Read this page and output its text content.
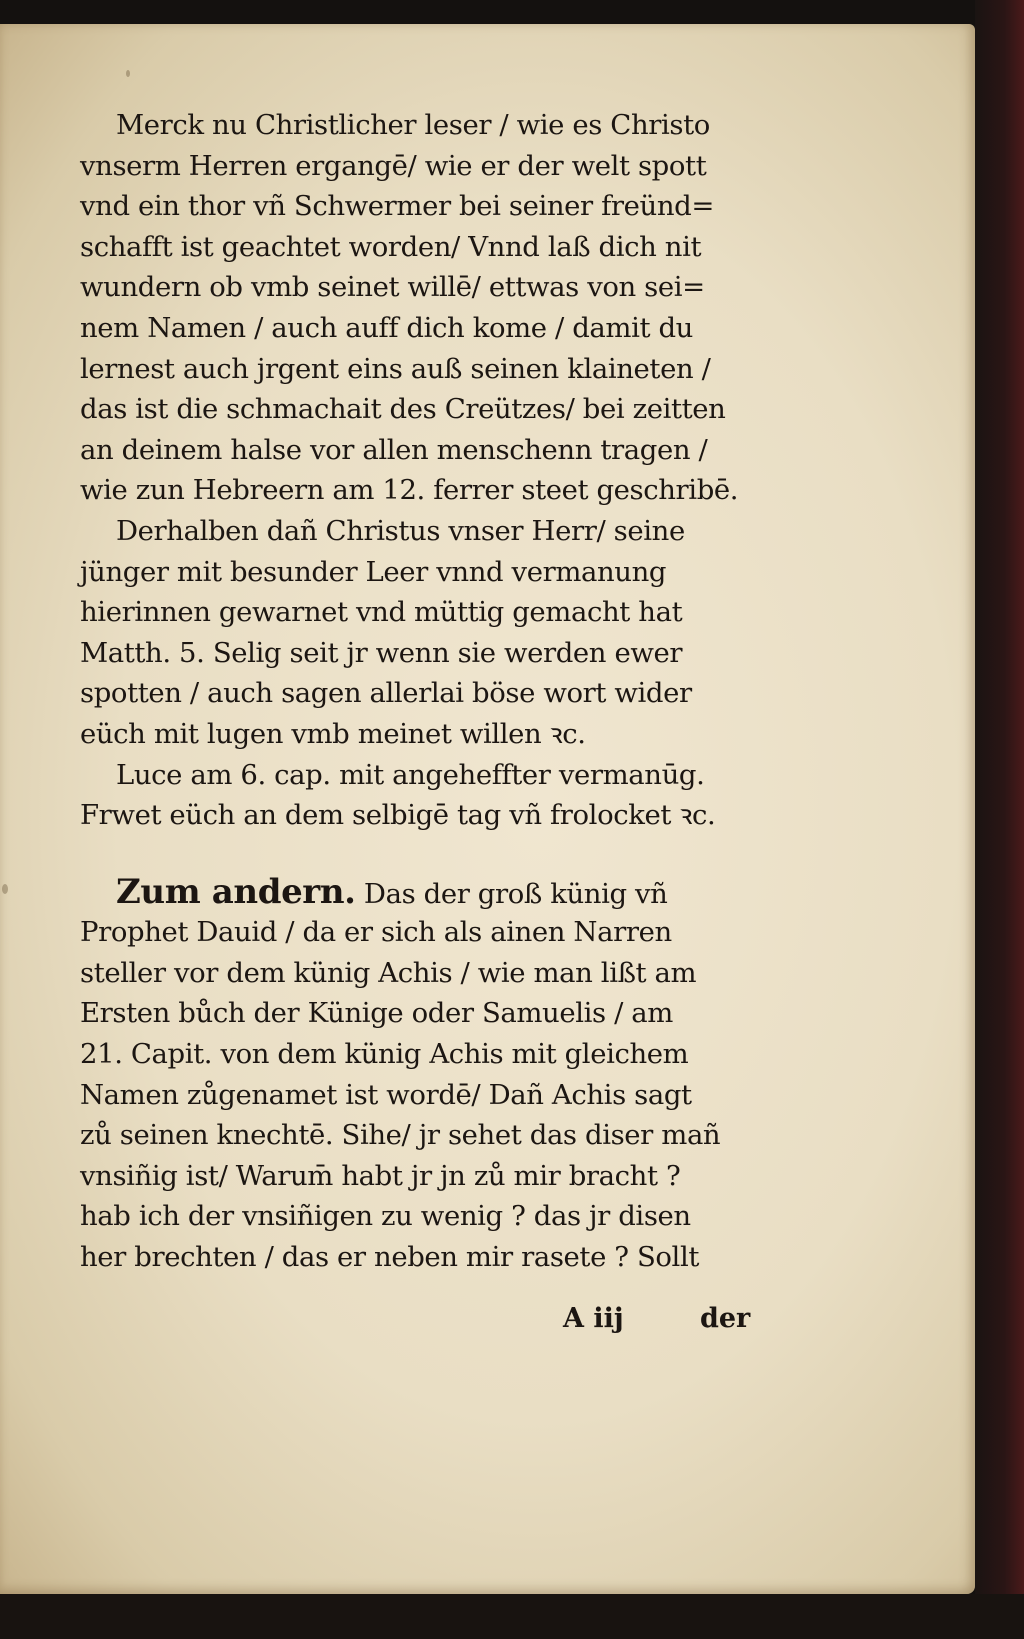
Merck nu Christlicher leser / wie es Christo
vnserm Herren ergangē/ wie er der welt spott
vnd ein thor vñ Schwermer bei seiner freünd=
schafft ist geachtet worden/ Vnnd laß dich nit
wundern ob vmb seinet willē/ ettwas von sei=
nem Namen / auch auff dich kome / damit du
lernest auch jrgent eins auß seinen klaineten /
das ist die schmachait des Creützes/ bei zeitten
an deinem halse vor allen menschenn tragen /
wie zun Hebreern am 12. ferrer steet geschribē.
Derhalben dañ Christus vnser Herr/ seine
jünger mit besunder Leer vnnd vermanung
hierinnen gewarnet vnd müttig gemacht hat
Matth. 5. Selig seit jr wenn sie werden ewer
spotten / auch sagen allerlai böse wort wider
eüch mit lugen vmb meinet willen ꝛc.
Luce am 6. cap. mit angeheffter vermanūg.
Frwet eüch an dem selbigē tag vñ frolocket ꝛc.
Zum andern. Das der groß künig vñ
Prophet Dauid / da er sich als ainen Narren
steller vor dem künig Achis / wie man lißt am
Ersten bůch der Künige oder Samuelis / am
21. Capit. von dem künig Achis mit gleichem
Namen zůgenamet ist wordē/ Dañ Achis sagt
zů seinen knechtē. Sihe/ jr sehet das diser mañ
vnsiñig ist/ Warum̄ habt jr jn zů mir bracht ?
hab ich der vnsiñigen zu wenig ? das jr disen
her brechten / das er neben mir rasete ? Sollt
A iij	der
